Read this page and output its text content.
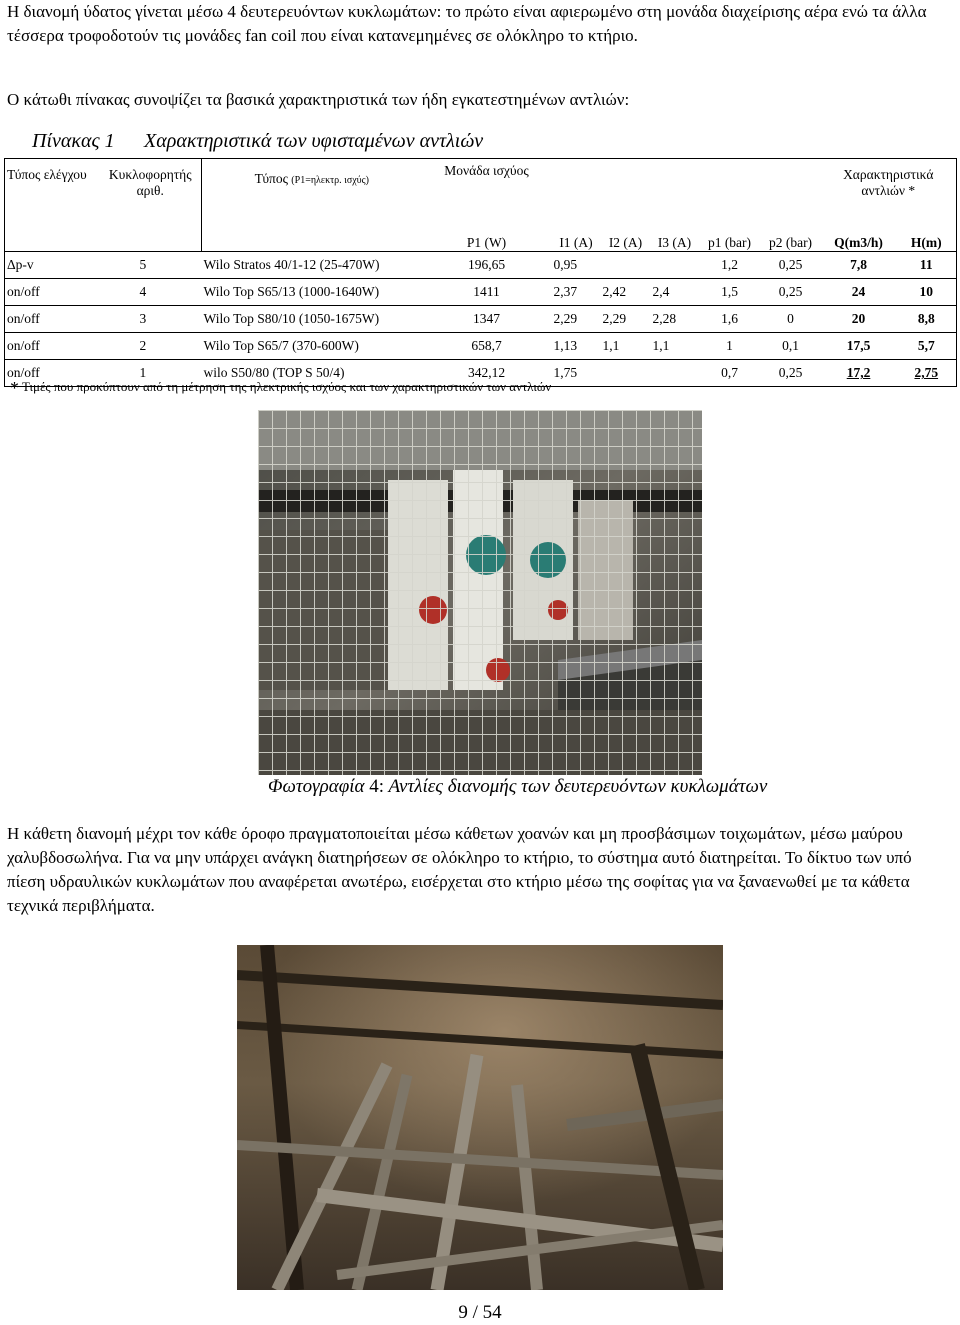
Η διανομή ύδατος γίνεται μέσω 4 δευτερευόντων κυκλωμάτων: το πρώτο είναι αφιερωμένο στη μονάδα διαχείρισης αέρα ενώ τα άλλα τέσσερα τροφοδοτούν τις μονάδες fan coil που είναι κατανεμημένες σε ολόκληρο το κτήριο.

Ο κάτωθι πίνακας συνοψίζει τα βασικά χαρακτηριστικά των ήδη εγκατεστημένων αντλιών:

Πίνακας 1 Χαρακτηριστικά των υφισταμένων αντλιών
Τύπος ελέγχου	Κυκλοφορητής αριθ.	Τύπος (P1=ηλεκτρ. ισχύς)	Μονάδα ισχύος						Χαρακτηριστικά αντλιών *	
			P1 (W)	I1 (A)	I2 (A)	I3 (A)	p1 (bar)	p2 (bar)	Q(m3/h)	H(m)
Δp-v	5	Wilo Stratos 40/1-12 (25-470W)	196,65	0,95			1,2	0,25	7,8	11
on/off	4	Wilo Top S65/13 (1000-1640W)	1411	2,37	2,42	2,4	1,5	0,25	24	10
on/off	3	Wilo Top S80/10 (1050-1675W)	1347	2,29	2,29	2,28	1,6	0	20	8,8
on/off	2	Wilo Top S65/7 (370-600W)	658,7	1,13	1,1	1,1	1	0,1	17,5	5,7
on/off	1	wilo S50/80 (TOP S 50/4)	342,12	1,75			0,7	0,25	17,2	2,75
* Τιμές που προκύπτουν από τη μέτρηση της ηλεκτρικής ισχύος και των χαρακτηριστικών των αντλιών
Φωτογραφία 4: Αντλίες διανομής των δευτερευόντων κυκλωμάτων

Η κάθετη διανομή μέχρι τον κάθε όροφο πραγματοποιείται μέσω κάθετων χοανών και μη προσβάσιμων τοιχωμάτων, μέσω μαύρου χαλυβδοσωλήνα. Για να μην υπάρχει ανάγκη διατηρήσεων σε ολόκληρο το κτήριο, το σύστημα αυτό διατηρείται. Το δίκτυο των υπό πίεση υδραυλικών κυκλωμάτων που αναφέρεται ανωτέρω, εισέρχεται στο κτήριο μέσω της σοφίτας για να ξαναενωθεί με τα κάθετα τεχνικά περιβλήματα.

9 / 54
